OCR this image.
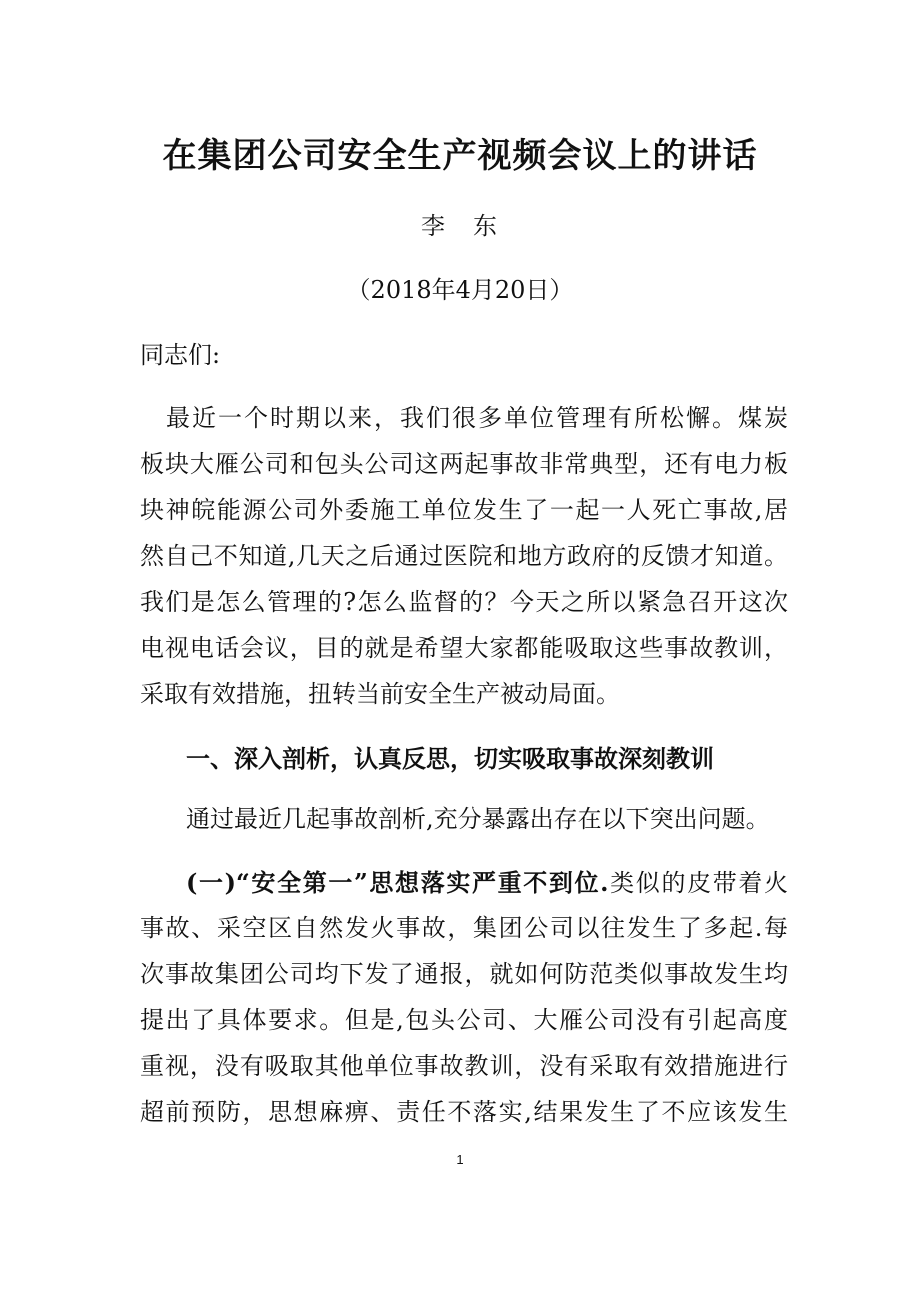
在集团公司安全生产视频会议上的讲话
李　东
（2018年4月20日）
同志们:
　最近一个时期以来，我们很多单位管理有所松懈。煤炭
板块大雁公司和包头公司这两起事故非常典型，还有电力板
块神皖能源公司外委施工单位发生了一起一人死亡事故,居
然自己不知道,几天之后通过医院和地方政府的反馈才知道。
我们是怎么管理的?怎么监督的？今天之所以紧急召开这次
电视电话会议，目的就是希望大家都能吸取这些事故教训，
采取有效措施，扭转当前安全生产被动局面。
一、深入剖析，认真反思，切实吸取事故深刻教训
通过最近几起事故剖析,充分暴露出存在以下突出问题。
(一)“安全第一”思想落实严重不到位.类似的皮带着火
事故、采空区自然发火事故，集团公司以往发生了多起.每
次事故集团公司均下发了通报，就如何防范类似事故发生均
提出了具体要求。但是,包头公司、大雁公司没有引起高度
重视，没有吸取其他单位事故教训，没有采取有效措施进行
超前预防，思想麻痹、责任不落实,结果发生了不应该发生
1
